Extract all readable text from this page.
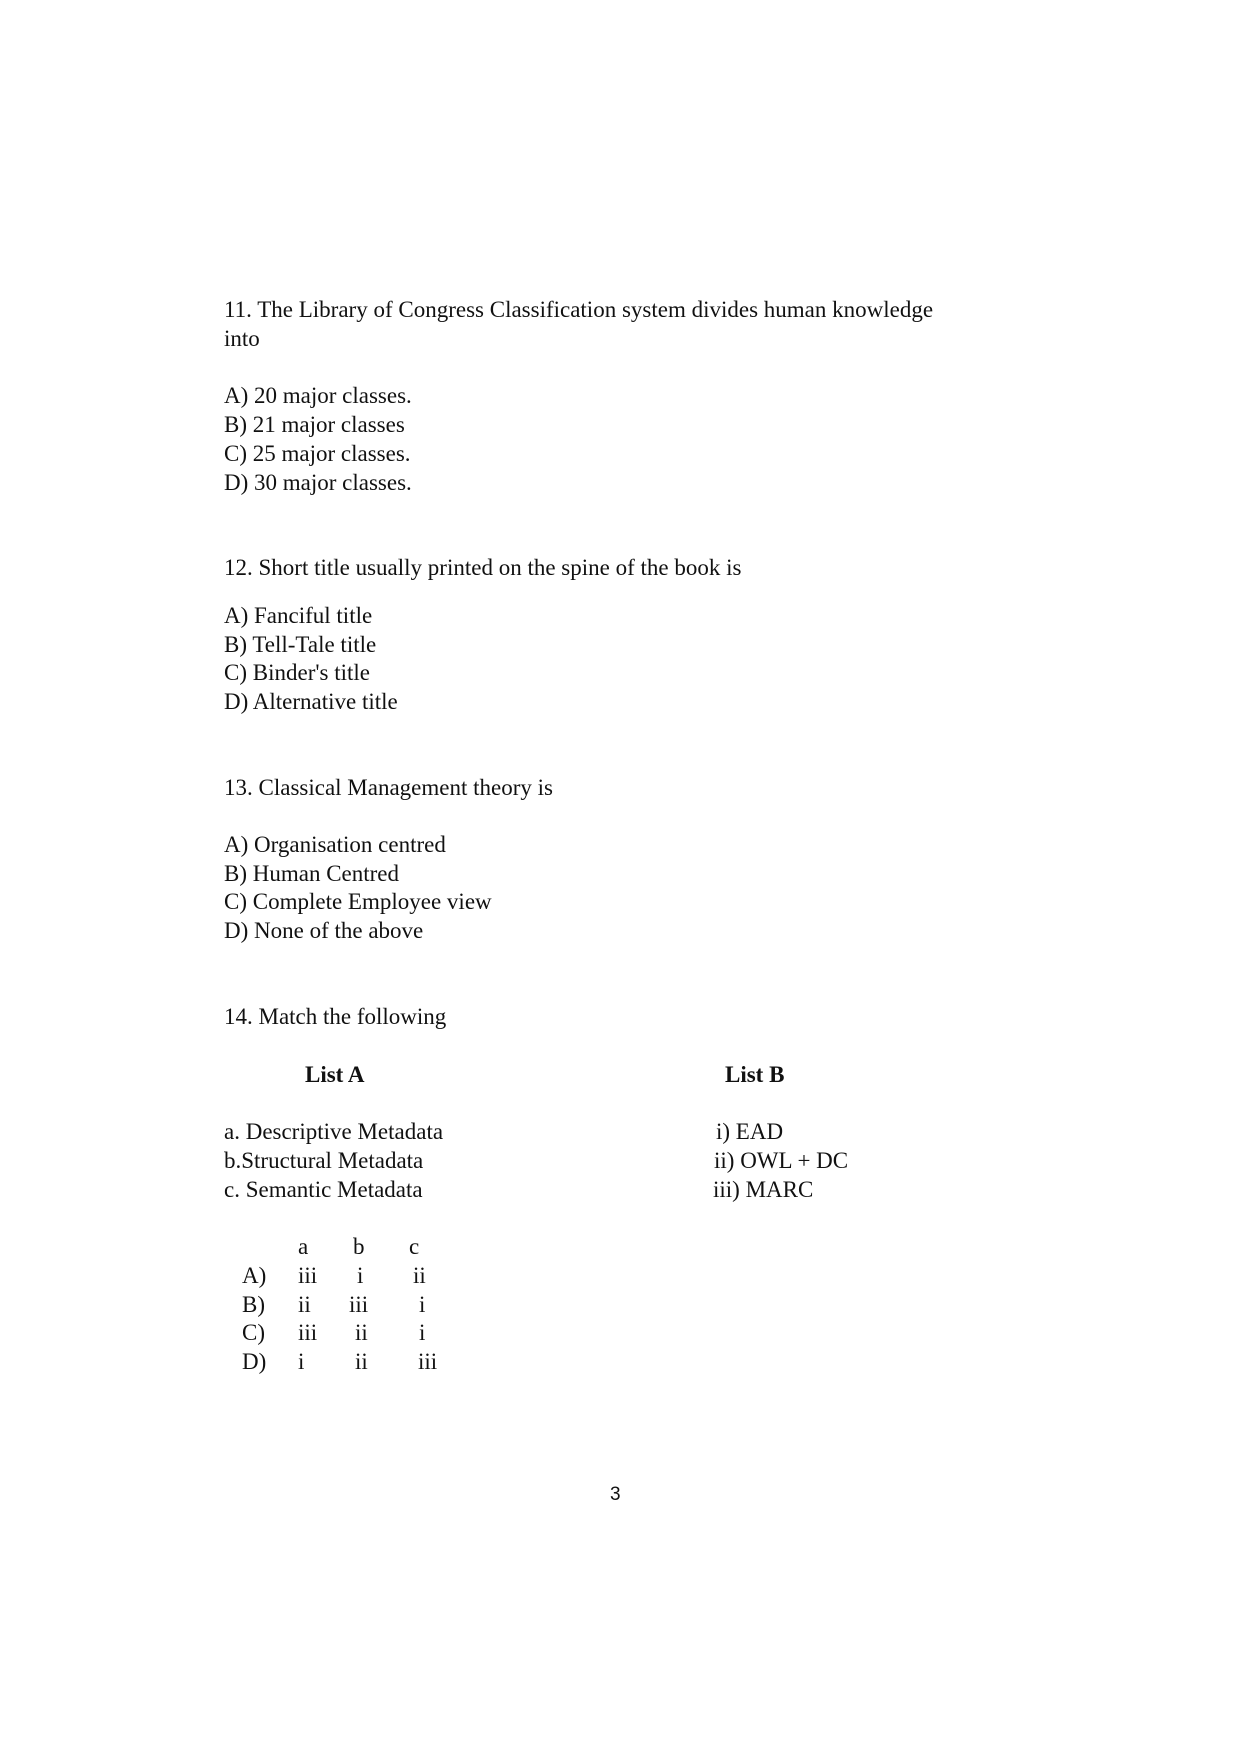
11. The Library of Congress Classification system divides human knowledge
into
A) 20 major classes.
B) 21 major classes
C) 25 major classes.
D) 30 major classes.
12. Short title usually printed on the spine of the book is
A) Fanciful title
B) Tell-Tale title
C) Binder's title
D) Alternative title
13. Classical Management theory is
A) Organisation centred
B) Human Centred
C) Complete Employee view
D) None of the above
14. Match the following
List A	List B
a. Descriptive Metadata
b.Structural Metadata
c. Semantic Metadata
i) EAD
ii) OWL + DC
iii) MARC
a b c
A) iii i ii
B) ii iii i
C) iii ii i
D) i ii iii
3
